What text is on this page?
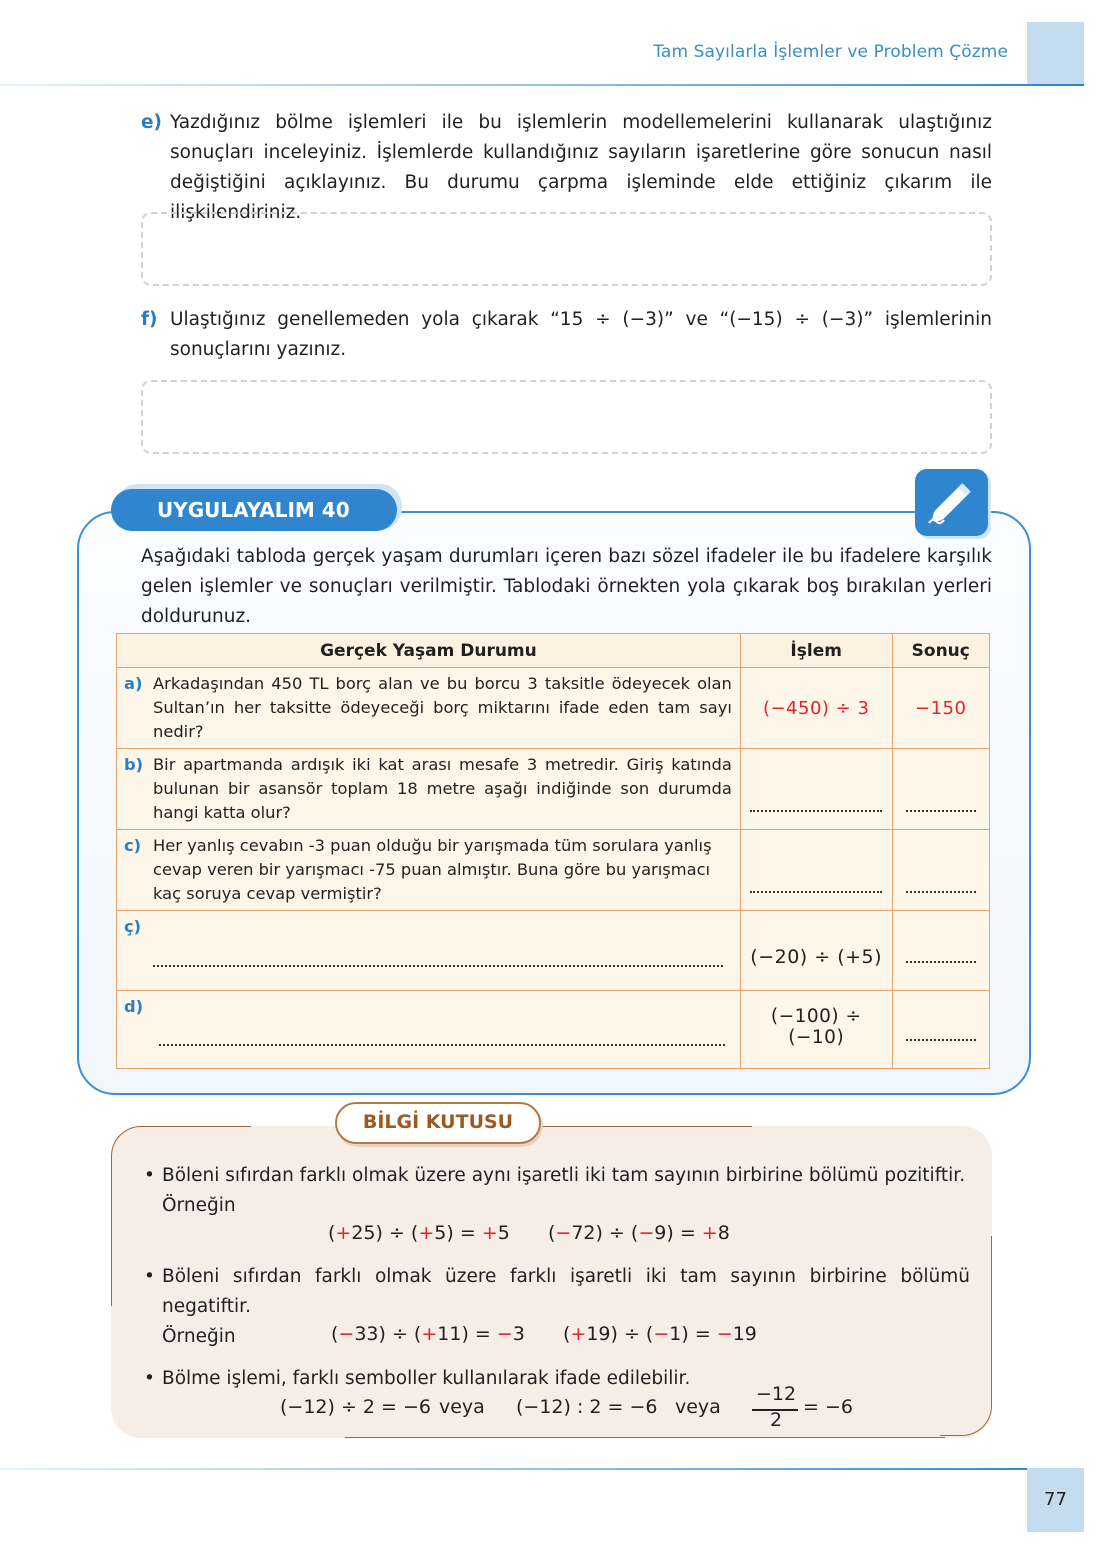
Tam Sayılarla İşlemler ve Problem Çözme
e) Yazdığınız bölme işlemleri ile bu işlemlerin modellemelerini kullanarak ulaştığınız sonuçları inceleyiniz. İşlemlerde kullandığınız sayıların işaretlerine göre sonucun nasıl değiştiğini açıklayınız. Bu durumu çarpma işleminde elde ettiğiniz çıkarım ile ilişkilendiriniz.
f) Ulaştığınız genellemeden yola çıkarak “15 ÷ (−3)” ve “(−15) ÷ (−3)” işlemlerinin sonuçlarını yazınız.
UYGULAYALIM 40
Aşağıdaki tabloda gerçek yaşam durumları içeren bazı sözel ifadeler ile bu ifadelere karşılık gelen işlemler ve sonuçları verilmiştir. Tablodaki örnekten yola çıkarak boş bırakılan yerleri doldurunuz.
Gerçek Yaşam Durumu	İşlem	Sonuç

a) Arkadaşından 450 TL borç alan ve bu borcu 3 taksitle ödeyecek olan Sultan’ın her taksitte ödeyeceği borç miktarını ifade eden tam sayı nedir?	(−450) ÷ 3	−150

b) Bir apartmanda ardışık iki kat arası mesafe 3 metredir. Giriş katında bulunan bir asansör toplam 18 metre aşağı indiğinde son durumda hangi katta olur?		

c) Her yanlış cevabın -3 puan olduğu bir yarışmada tüm sorulara yanlış cevap veren bir yarışmacı -75 puan almıştır. Buna göre bu yarışmacı kaç soruya cevap vermiştir?		

ç)	(−20) ÷ (+5)	

d)	(−100) ÷ (−10)	
BİLGİ KUTUSU
• Böleni sıfırdan farklı olmak üzere aynı işaretli iki tam sayının birbirine bölümü pozitiftir.
Örneğin
(+25) ÷ (+5) = +5 (−72) ÷ (−9) = +8
• Böleni sıfırdan farklı olmak üzere farklı işaretli iki tam sayının birbirine bölümü negatiftir.
Örneğin	(−33) ÷ (+11) = −3 (+19) ÷ (−1) = −19
• Bölme işlemi, farklı semboller kullanılarak ifade edilebilir.
(−12) ÷ 2 = −6 veya (−12) : 2 = −6 veya
−12
2
= −6
77
